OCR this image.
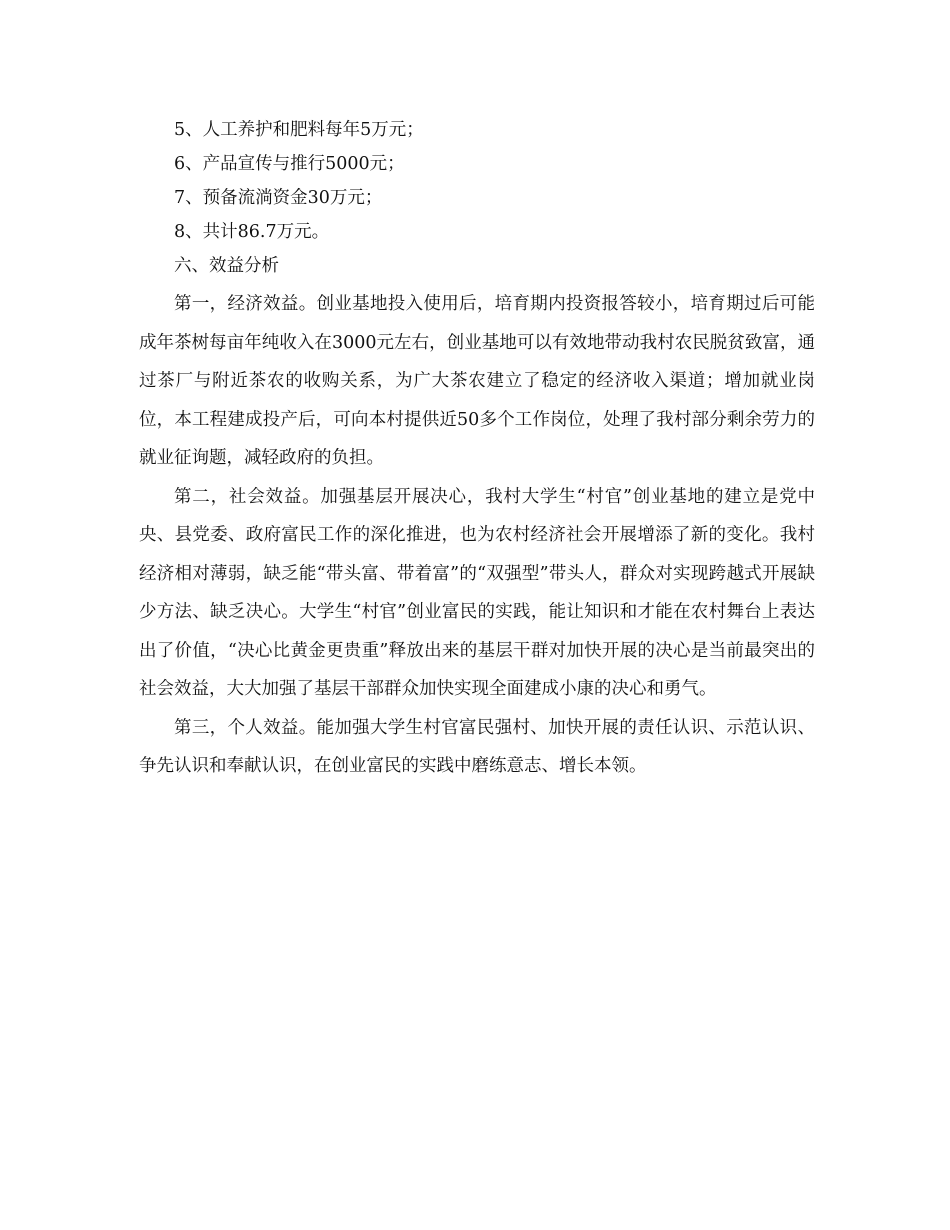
5、人工养护和肥料每年5万元；

6、产品宣传与推行5000元；

7、预备流淌资金30万元；

8、共计86.7万元。

六、效益分析

第一，经济效益。创业基地投入使用后，培育期内投资报答较小，培育期过后可能成年茶树每亩年纯收入在3000元左右，创业基地可以有效地带动我村农民脱贫致富，通过茶厂与附近茶农的收购关系，为广大茶农建立了稳定的经济收入渠道；增加就业岗位，本工程建成投产后，可向本村提供近50多个工作岗位，处理了我村部分剩余劳力的就业征询题，减轻政府的负担。

第二，社会效益。加强基层开展决心，我村大学生“村官”创业基地的建立是党中央、县党委、政府富民工作的深化推进，也为农村经济社会开展增添了新的变化。我村经济相对薄弱，缺乏能“带头富、带着富”的“双强型”带头人，群众对实现跨越式开展缺少方法、缺乏决心。大学生“村官”创业富民的实践，能让知识和才能在农村舞台上表达出了价值，“决心比黄金更贵重”释放出来的基层干群对加快开展的决心是当前最突出的社会效益，大大加强了基层干部群众加快实现全面建成小康的决心和勇气。

第三，个人效益。能加强大学生村官富民强村、加快开展的责任认识、示范认识、争先认识和奉献认识，在创业富民的实践中磨练意志、增长本领。
